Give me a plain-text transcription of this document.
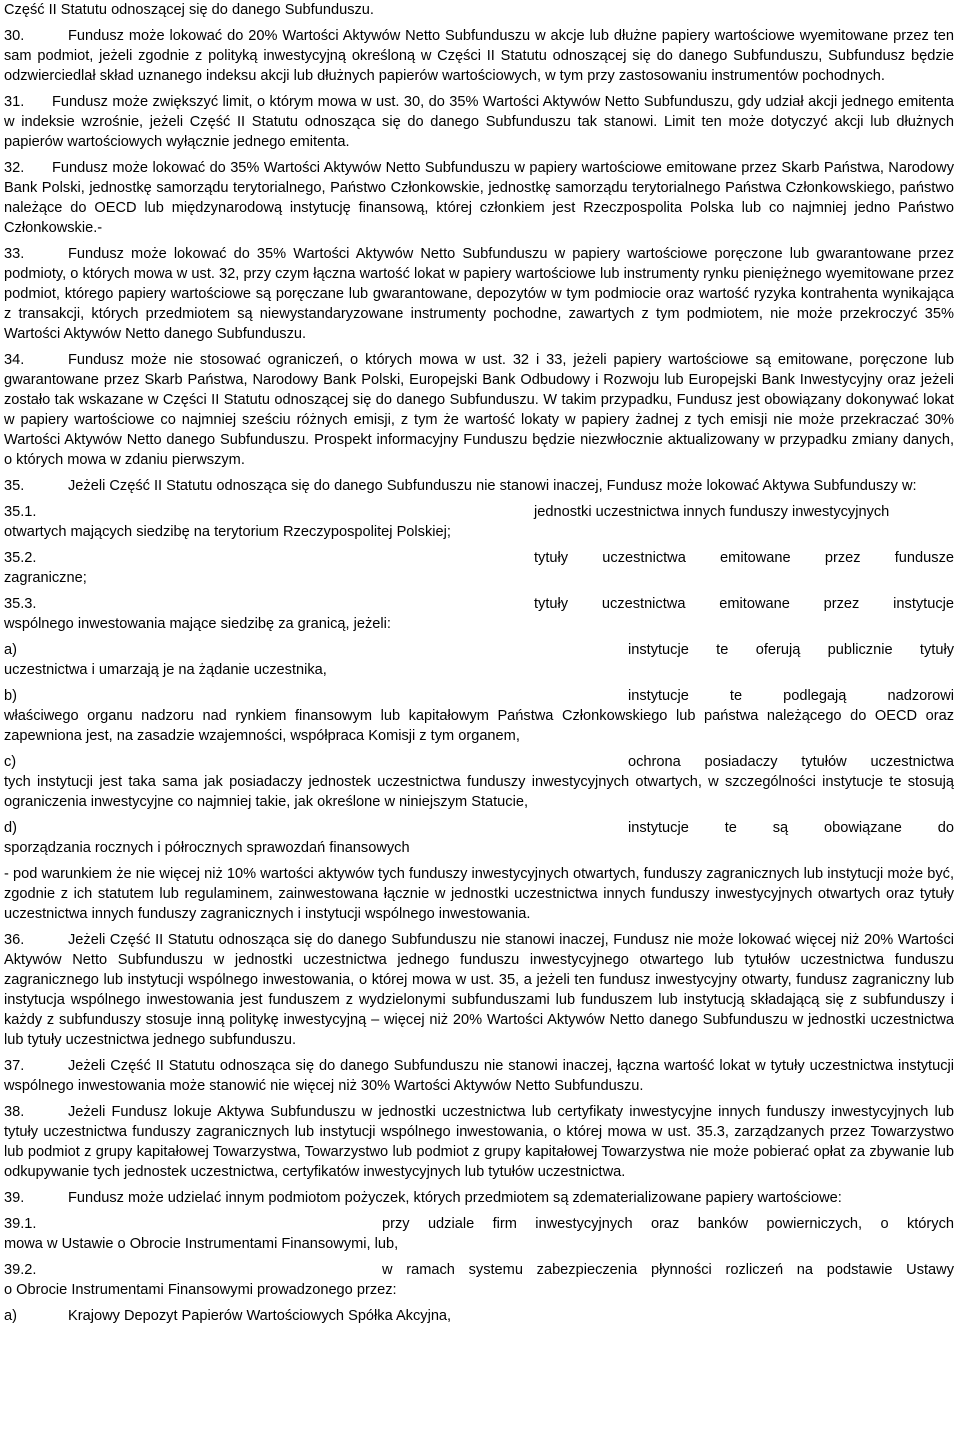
Część II Statutu odnoszącej się do danego Subfunduszu.

30.	Fundusz może lokować do 20% Wartości Aktywów Netto Subfunduszu w akcje lub dłużne papiery wartościowe wyemitowane przez ten sam podmiot, jeżeli zgodnie z polityką inwestycyjną określoną w Części II Statutu odnoszącej się do danego Subfunduszu, Subfundusz będzie odzwierciedlał skład uznanego indeksu akcji lub dłużnych papierów wartościowych, w tym przy zastosowaniu instrumentów pochodnych.

31. Fundusz może zwiększyć limit, o którym mowa w ust. 30, do 35% Wartości Aktywów Netto Subfunduszu, gdy udział akcji jednego emitenta w indeksie wzrośnie, jeżeli Część II Statutu odnosząca się do danego Subfunduszu tak stanowi. Limit ten może dotyczyć akcji lub dłużnych papierów wartościowych wyłącznie jednego emitenta.

32. Fundusz może lokować do 35% Wartości Aktywów Netto Subfunduszu w papiery wartościowe emitowane przez Skarb Państwa, Narodowy Bank Polski, jednostkę samorządu terytorialnego, Państwo Członkowskie, jednostkę samorządu terytorialnego Państwa Członkowskiego, państwo należące do OECD lub międzynarodową instytucję finansową, której członkiem jest Rzeczpospolita Polska lub co najmniej jedno Państwo Członkowskie.-

33.	Fundusz może lokować do 35% Wartości Aktywów Netto Subfunduszu w papiery wartościowe poręczone lub gwarantowane przez podmioty, o których mowa w ust. 32, przy czym łączna wartość lokat w papiery wartościowe lub instrumenty rynku pieniężnego wyemitowane przez podmiot, którego papiery wartościowe są poręczane lub gwarantowane, depozytów w tym podmiocie oraz wartość ryzyka kontrahenta wynikająca z transakcji, których przedmiotem są niewystandaryzowane instrumenty pochodne, zawartych z tym podmiotem, nie może przekroczyć 35% Wartości Aktywów Netto danego Subfunduszu.

34.	Fundusz może nie stosować ograniczeń, o których mowa w ust. 32 i 33, jeżeli papiery wartościowe są emitowane, poręczone lub gwarantowane przez Skarb Państwa, Narodowy Bank Polski, Europejski Bank Odbudowy i Rozwoju lub Europejski Bank Inwestycyjny oraz jeżeli zostało tak wskazane w Części II Statutu odnoszącej się do danego Subfunduszu. W takim przypadku, Fundusz jest obowiązany dokonywać lokat w papiery wartościowe co najmniej sześciu różnych emisji, z tym że wartość lokaty w papiery żadnej z tych emisji nie może przekraczać 30% Wartości Aktywów Netto danego Subfunduszu. Prospekt informacyjny Funduszu będzie niezwłocznie aktualizowany w przypadku zmiany danych, o których mowa w zdaniu pierwszym.

35.	Jeżeli Część II Statutu odnosząca się do danego Subfunduszu nie stanowi inaczej, Fundusz może lokować Aktywa Subfunduszy w:

35.1.	jednostki uczestnictwa innych funduszy inwestycyjnych

otwartych mających siedzibę na terytorium Rzeczypospolitej Polskiej;

35.2.	tytuły uczestnictwa emitowane przez fundusze

zagraniczne;

35.3.	tytuły uczestnictwa emitowane przez instytucje

wspólnego inwestowania mające siedzibę za granicą, jeżeli:

a)	instytucje te oferują publicznie tytuły

uczestnictwa i umarzają je na żądanie uczestnika,

b)	instytucje te podlegają nadzorowi

właściwego organu nadzoru nad rynkiem finansowym lub kapitałowym Państwa Członkowskiego lub państwa należącego do OECD oraz zapewniona jest, na zasadzie wzajemności, współpraca Komisji z tym organem,

c)	ochrona posiadaczy tytułów uczestnictwa

tych instytucji jest taka sama jak posiadaczy jednostek uczestnictwa funduszy inwestycyjnych otwartych, w szczególności instytucje te stosują ograniczenia inwestycyjne co najmniej takie, jak określone w niniejszym Statucie,

d)	instytucje te są obowiązane do

sporządzania rocznych i półrocznych sprawozdań finansowych

- pod warunkiem że nie więcej niż 10% wartości aktywów tych funduszy inwestycyjnych otwartych, funduszy zagranicznych lub instytucji może być, zgodnie z ich statutem lub regulaminem, zainwestowana łącznie w jednostki uczestnictwa innych funduszy inwestycyjnych otwartych oraz tytuły uczestnictwa innych funduszy zagranicznych i instytucji wspólnego inwestowania.

36.	Jeżeli Część II Statutu odnosząca się do danego Subfunduszu nie stanowi inaczej, Fundusz nie może lokować więcej niż 20% Wartości Aktywów Netto Subfunduszu w jednostki uczestnictwa jednego funduszu inwestycyjnego otwartego lub tytułów uczestnictwa funduszu zagranicznego lub instytucji wspólnego inwestowania, o której mowa w ust. 35, a jeżeli ten fundusz inwestycyjny otwarty, fundusz zagraniczny lub instytucja wspólnego inwestowania jest funduszem z wydzielonymi subfunduszami lub funduszem lub instytucją składającą się z subfunduszy i każdy z subfunduszy stosuje inną politykę inwestycyjną – więcej niż 20% Wartości Aktywów Netto danego Subfunduszu w jednostki uczestnictwa lub tytuły uczestnictwa jednego subfunduszu.

37.	Jeżeli Część II Statutu odnosząca się do danego Subfunduszu nie stanowi inaczej, łączna wartość lokat w tytuły uczestnictwa instytucji wspólnego inwestowania może stanowić nie więcej niż 30% Wartości Aktywów Netto Subfunduszu.

38.	Jeżeli Fundusz lokuje Aktywa Subfunduszu w jednostki uczestnictwa lub certyfikaty inwestycyjne innych funduszy inwestycyjnych lub tytuły uczestnictwa funduszy zagranicznych lub instytucji wspólnego inwestowania, o której mowa w ust. 35.3, zarządzanych przez Towarzystwo lub podmiot z grupy kapitałowej Towarzystwa, Towarzystwo lub podmiot z grupy kapitałowej Towarzystwa nie może pobierać opłat za zbywanie lub odkupywanie tych jednostek uczestnictwa, certyfikatów inwestycyjnych lub tytułów uczestnictwa.

39.	Fundusz może udzielać innym podmiotom pożyczek, których przedmiotem są zdematerializowane papiery wartościowe:

39.1.	przy udziale firm inwestycyjnych oraz banków powierniczych, o których

mowa w Ustawie o Obrocie Instrumentami Finansowymi, lub,

39.2.	w ramach systemu zabezpieczenia płynności rozliczeń na podstawie Ustawy

o Obrocie Instrumentami Finansowymi prowadzonego przez:

a)	Krajowy Depozyt Papierów Wartościowych Spółka Akcyjna,
